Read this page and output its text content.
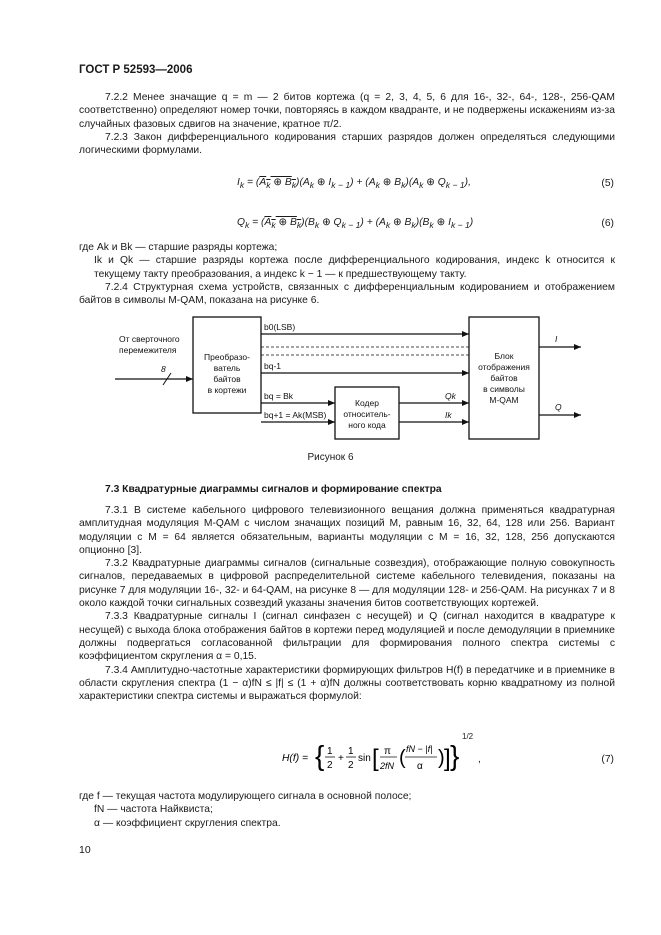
ГОСТ Р 52593—2006

7.2.2 Менее значащие q = m — 2 битов кортежа (q = 2, 3, 4, 5, 6 для 16-, 32-, 64-, 128-, 256-QAM соответственно) определяют номер точки, повторяясь в каждом квадранте, и не подвержены искажениям из-за случайных фазовых сдвигов на значение, кратное π/2.

7.2.3 Закон дифференциального кодирования старших разрядов должен определяться следующими логическими формулами.

$I_k = (A_k$ ⊕ $B_k)(A_k$ ⊕ $I_{k - 1}) + (A_k$ ⊕ $B_k)(A_k$ ⊕ $Q_{k - 1}$),	(5)
$Q_k = (A_k$ ⊕ $B_k)(B_k$ ⊕ $Q_{k - 1}) + (A_k$ ⊕ $B_k)(B_k$ ⊕ $I_{k - 1}$)	(6)

где Ak и Bk — старшие разряды кортежа;

Ik и Qk — старшие разряды кортежа после дифференциального кодирования, индекс k относится к текущему такту преобразования, а индекс k − 1 — к предшествующему такту.

7.2.4 Структурная схема устройств, связанных с дифференциальным кодированием и отображением байтов в символы M-QAM, показана на рисунке 6.

От сверточного
перемежителя
8
Преобразо-
ватель
байтов
в кортежи
b0(LSB)
bq-1
bq = Bk
bq+1 = Ak(MSB)
Кодер
относитель-
ного кода
Qk
Ik
Блок
отображения
байтов
в символы
M-QAM
I
Q
Рисунок 6
7.3 Квадратурные диаграммы сигналов и формирование спектра

7.3.1 В системе кабельного цифрового телевизионного вещания должна применяться квадратурная амплитудная модуляция M-QAM с числом значащих позиций M, равным 16, 32, 64, 128 или 256. Вариант модуляции с M = 64 является обязательным, варианты модуляции с M = 16, 32, 128, 256 допускаются опционно [3].

7.3.2 Квадратурные диаграммы сигналов (сигнальные созвездия), отображающие полную совокупность сигналов, передаваемых в цифровой распределительной системе кабельного телевидения, показаны на рисунке 7 для модуляции 16-, 32- и 64-QAM, на рисунке 8 — для модуляции 128- и 256-QAM. На рисунках 7 и 8 около каждой точки сигнальных созвездий указаны значения битов соответствующих кортежей.

7.3.3 Квадратурные сигналы I (сигнал синфазен с несущей) и Q (сигнал находится в квадратуре к несущей) с выхода блока отображения байтов в кортежи перед модуляцией и после демодуляции в приемнике должны подвергаться согласованной фильтрации для формирования полного спектра системы с коэффициентом скругления α = 0,15.

7.3.4 Амплитудно-частотные характеристики формирующих фильтров H(f) в передатчике и в приемнике в области скругления спектра (1 − α)fN ≤ |f| ≤ (1 + α)fN должны соответствовать корню квадратному из полной характеристики спектра системы и выражаться формулой:

H(f) = { 1
2
+
1
2
sin [ π
2fN ( fN − |f|
α ) ] }
1/2
,	(7)

где f — текущая частота модулирующего сигнала в основной полосе;

fN — частота Найквиста;

α — коэффициент скругления спектра.

10
